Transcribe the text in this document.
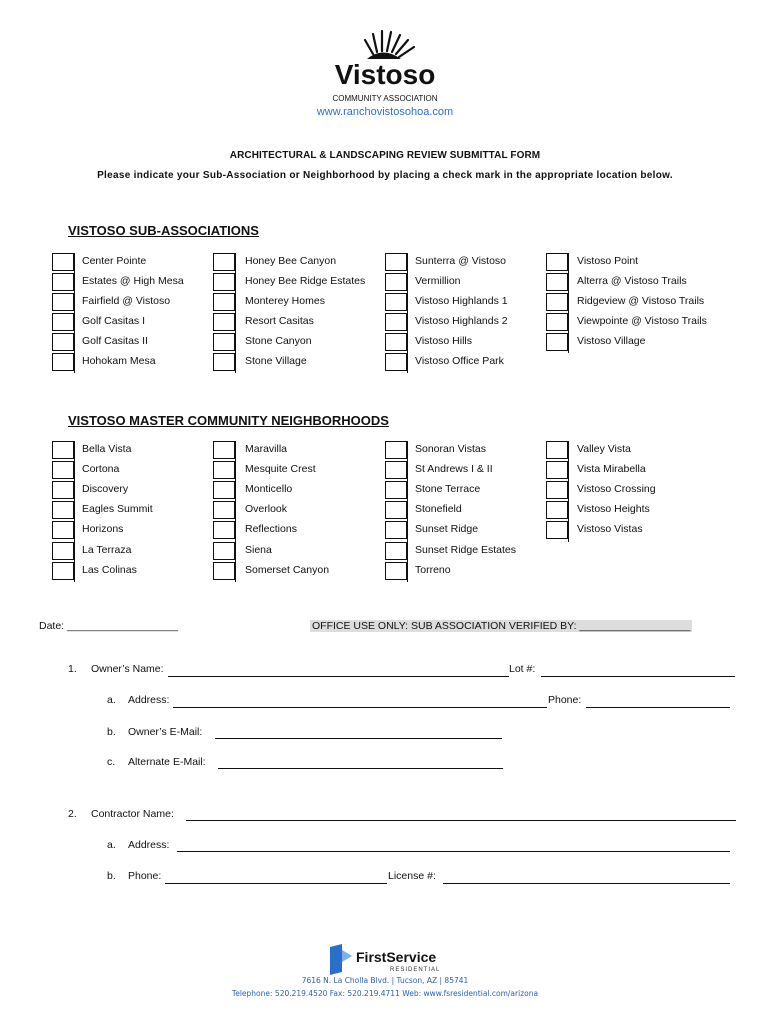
Vistoso
COMMUNITY ASSOCIATION
www.ranchovistosohoa.com
ARCHITECTURAL & LANDSCAPING REVIEW SUBMITTAL FORM
Please indicate your Sub-Association or Neighborhood by placing a check mark in the appropriate location below.
VISTOSO SUB-ASSOCIATIONS
VISTOSO MASTER COMMUNITY NEIGHBORHOODS
Center Pointe
Estates @ High Mesa
Fairfield @ Vistoso
Golf Casitas I
Golf Casitas II
Hohokam Mesa
Honey Bee Canyon
Honey Bee Ridge Estates
Monterey Homes
Resort Casitas
Stone Canyon
Stone Village
Sunterra @ Vistoso
Vermillion
Vistoso Highlands 1
Vistoso Highlands 2
Vistoso Hills
Vistoso Office Park
Vistoso Point
Alterra @ Vistoso Trails
Ridgeview @ Vistoso Trails
Viewpointe @ Vistoso Trails
Vistoso Village
Bella Vista
Cortona
Discovery
Eagles Summit
Horizons
La Terraza
Las Colinas
Maravilla
Mesquite Crest
Monticello
Overlook
Reflections
Siena
Somerset Canyon
Sonoran Vistas
St Andrews I & II
Stone Terrace
Stonefield
Sunset Ridge
Sunset Ridge Estates
Torreno
Valley Vista
Vista Mirabella
Vistoso Crossing
Vistoso Heights
Vistoso Vistas
Date: ___________________	OFFICE USE ONLY: SUB ASSOCIATION VERIFIED BY: ___________________
1. Owner’s Name:	Lot #:
a. Address:	Phone:
b. Owner’s E-Mail:
c. Alternate E-Mail:
2. Contractor Name:
a. Address:
b. Phone:	License #:
FirstService
RESIDENTIAL
7616 N. La Cholla Blvd. | Tucson, AZ | 85741
Telephone: 520.219.4520 Fax: 520.219.4711 Web: www.fsresidential.com/arizona
